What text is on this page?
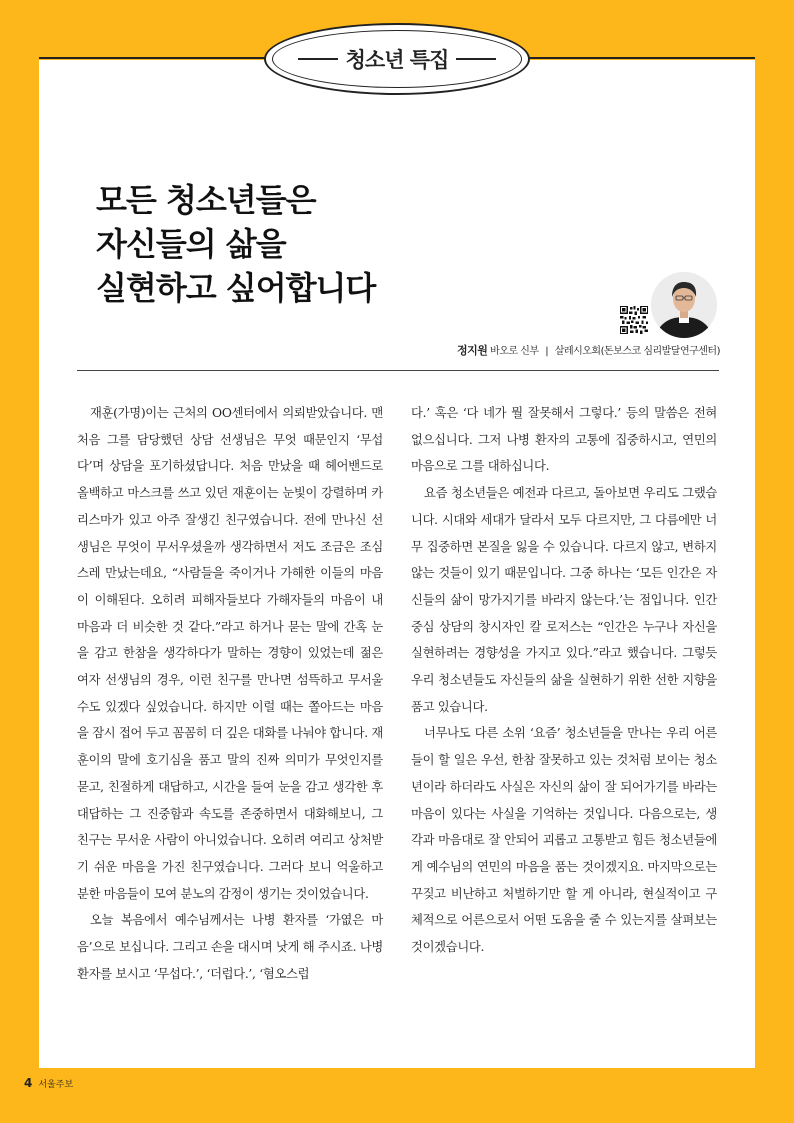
청소년 특집
모든 청소년들은
자신들의 삶을
실현하고 싶어합니다
정지원 바오로 신부 | 살레시오회(돈보스코 심리발달연구센터)

재훈(가명)이는 근처의 OO센터에서 의뢰받았습니다. 맨 처음 그를 담당했던 상담 선생님은 무엇 때문인지 ‘무섭다’며 상담을 포기하셨답니다. 처음 만났을 때 헤어밴드로 올백하고 마스크를 쓰고 있던 재훈이는 눈빛이 강렬하며 카리스마가 있고 아주 잘생긴 친구였습니다. 전에 만나신 선생님은 무엇이 무서우셨을까 생각하면서 저도 조금은 조심스레 만났는데요, “사람들을 죽이거나 가해한 이들의 마음이 이해된다. 오히려 피해자들보다 가해자들의 마음이 내 마음과 더 비슷한 것 같다.”라고 하거나 묻는 말에 간혹 눈을 감고 한참을 생각하다가 말하는 경향이 있었는데 젊은 여자 선생님의 경우, 이런 친구를 만나면 섬뜩하고 무서울 수도 있겠다 싶었습니다. 하지만 이럴 때는 쫄아드는 마음을 잠시 접어 두고 꼼꼼히 더 깊은 대화를 나눠야 합니다. 재훈이의 말에 호기심을 품고 말의 진짜 의미가 무엇인지를 묻고, 친절하게 대답하고, 시간을 들여 눈을 감고 생각한 후 대답하는 그 진중함과 속도를 존중하면서 대화해보니, 그 친구는 무서운 사람이 아니었습니다. 오히려 여리고 상처받기 쉬운 마음을 가진 친구였습니다. 그러다 보니 억울하고 분한 마음들이 모여 분노의 감정이 생기는 것이었습니다.

오늘 복음에서 예수님께서는 나병 환자를 ‘가엾은 마음’으로 보십니다. 그리고 손을 대시며 낫게 해 주시죠. 나병 환자를 보시고 ‘무섭다.’, ‘더럽다.’, ‘혐오스럽

다.’ 혹은 ‘다 네가 뭘 잘못해서 그렇다.’ 등의 말씀은 전혀 없으십니다. 그저 나병 환자의 고통에 집중하시고, 연민의 마음으로 그를 대하십니다.

요즘 청소년들은 예전과 다르고, 돌아보면 우리도 그랬습니다. 시대와 세대가 달라서 모두 다르지만, 그 다름에만 너무 집중하면 본질을 잃을 수 있습니다. 다르지 않고, 변하지 않는 것들이 있기 때문입니다. 그중 하나는 ‘모든 인간은 자신들의 삶이 망가지기를 바라지 않는다.’는 점입니다. 인간 중심 상담의 창시자인 칼 로저스는 “인간은 누구나 자신을 실현하려는 경향성을 가지고 있다.”라고 했습니다. 그렇듯 우리 청소년들도 자신들의 삶을 실현하기 위한 선한 지향을 품고 있습니다.

너무나도 다른 소위 ‘요즘’ 청소년들을 만나는 우리 어른들이 할 일은 우선, 한참 잘못하고 있는 것처럼 보이는 청소년이라 하더라도 사실은 자신의 삶이 잘 되어가기를 바라는 마음이 있다는 사실을 기억하는 것입니다. 다음으로는, 생각과 마음대로 잘 안되어 괴롭고 고통받고 힘든 청소년들에게 예수님의 연민의 마음을 품는 것이겠지요. 마지막으로는 꾸짖고 비난하고 처벌하기만 할 게 아니라, 현실적이고 구체적으로 어른으로서 어떤 도움을 줄 수 있는지를 살펴보는 것이겠습니다.

4 서울주보
